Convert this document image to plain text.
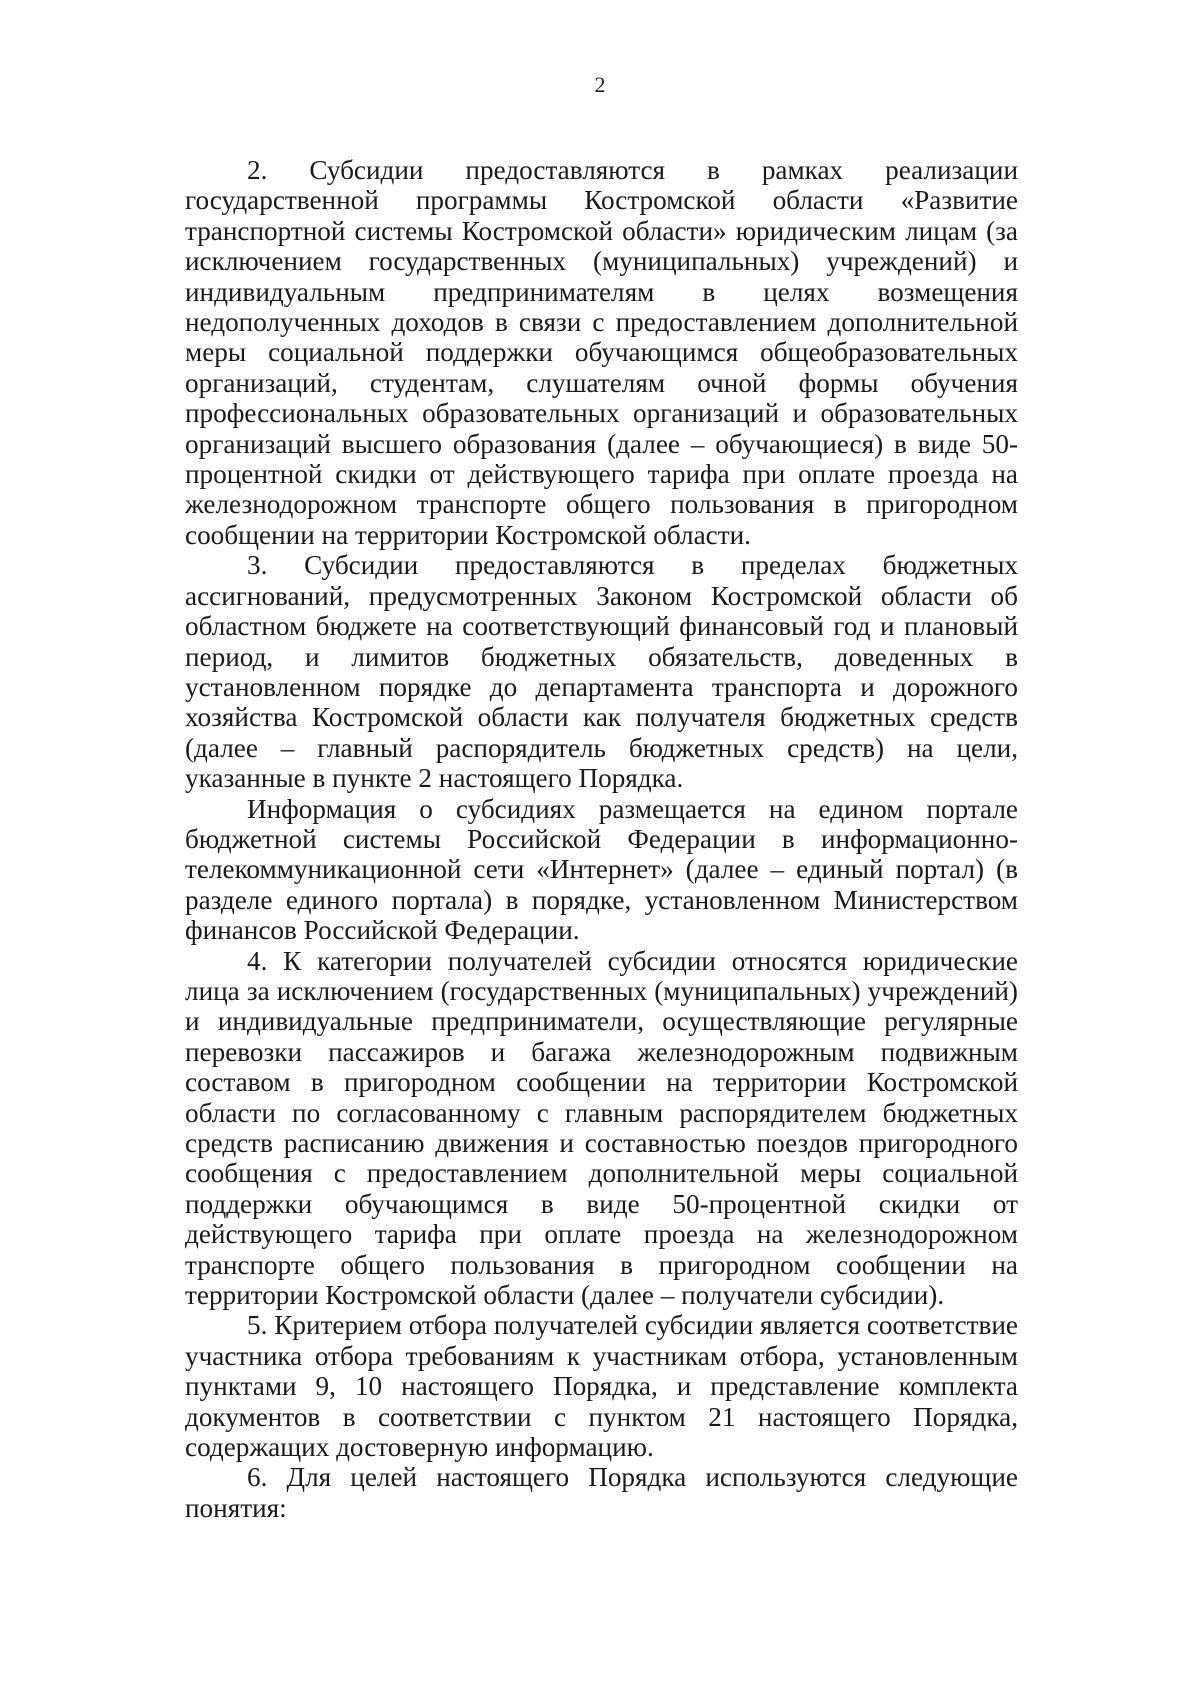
2

2. Субсидии предоставляются в рамках реализации государственной программы Костромской области «Развитие транспортной системы Костромской области» юридическим лицам (за исключением государственных (муниципальных) учреждений) и индивидуальным предпринимателям в целях возмещения недополученных доходов в связи с предоставлением дополнительной меры социальной поддержки обучающимся общеобразовательных организаций, студентам, слушателям очной формы обучения профессиональных образовательных организаций и образовательных организаций высшего образования (далее – обучающиеся) в виде 50-процентной скидки от действующего тарифа при оплате проезда на железнодорожном транспорте общего пользования в пригородном сообщении на территории Костромской области.

3. Субсидии предоставляются в пределах бюджетных ассигнований, предусмотренных Законом Костромской области об областном бюджете на соответствующий финансовый год и плановый период, и лимитов бюджетных обязательств, доведенных в установленном порядке до департамента транспорта и дорожного хозяйства Костромской области как получателя бюджетных средств (далее – главный распорядитель бюджетных средств) на цели, указанные в пункте 2 настоящего Порядка.

Информация о субсидиях размещается на едином портале бюджетной системы Российской Федерации в информационно-телекоммуникационной сети «Интернет» (далее – единый портал) (в разделе единого портала) в порядке, установленном Министерством финансов Российской Федерации.

4. К категории получателей субсидии относятся юридические лица за исключением (государственных (муниципальных) учреждений) и индивидуальные предприниматели, осуществляющие регулярные перевозки пассажиров и багажа железнодорожным подвижным составом в пригородном сообщении на территории Костромской области по согласованному с главным распорядителем бюджетных средств расписанию движения и составностью поездов пригородного сообщения с предоставлением дополнительной меры социальной поддержки обучающимся в виде 50-процентной скидки от действующего тарифа при оплате проезда на железнодорожном транспорте общего пользования в пригородном сообщении на территории Костромской области (далее – получатели субсидии).

5. Критерием отбора получателей субсидии является соответствие участника отбора требованиям к участникам отбора, установленным пунктами 9, 10 настоящего Порядка, и представление комплекта документов в соответствии с пунктом 21 настоящего Порядка, содержащих достоверную информацию.

6. Для целей настоящего Порядка используются следующие понятия:
